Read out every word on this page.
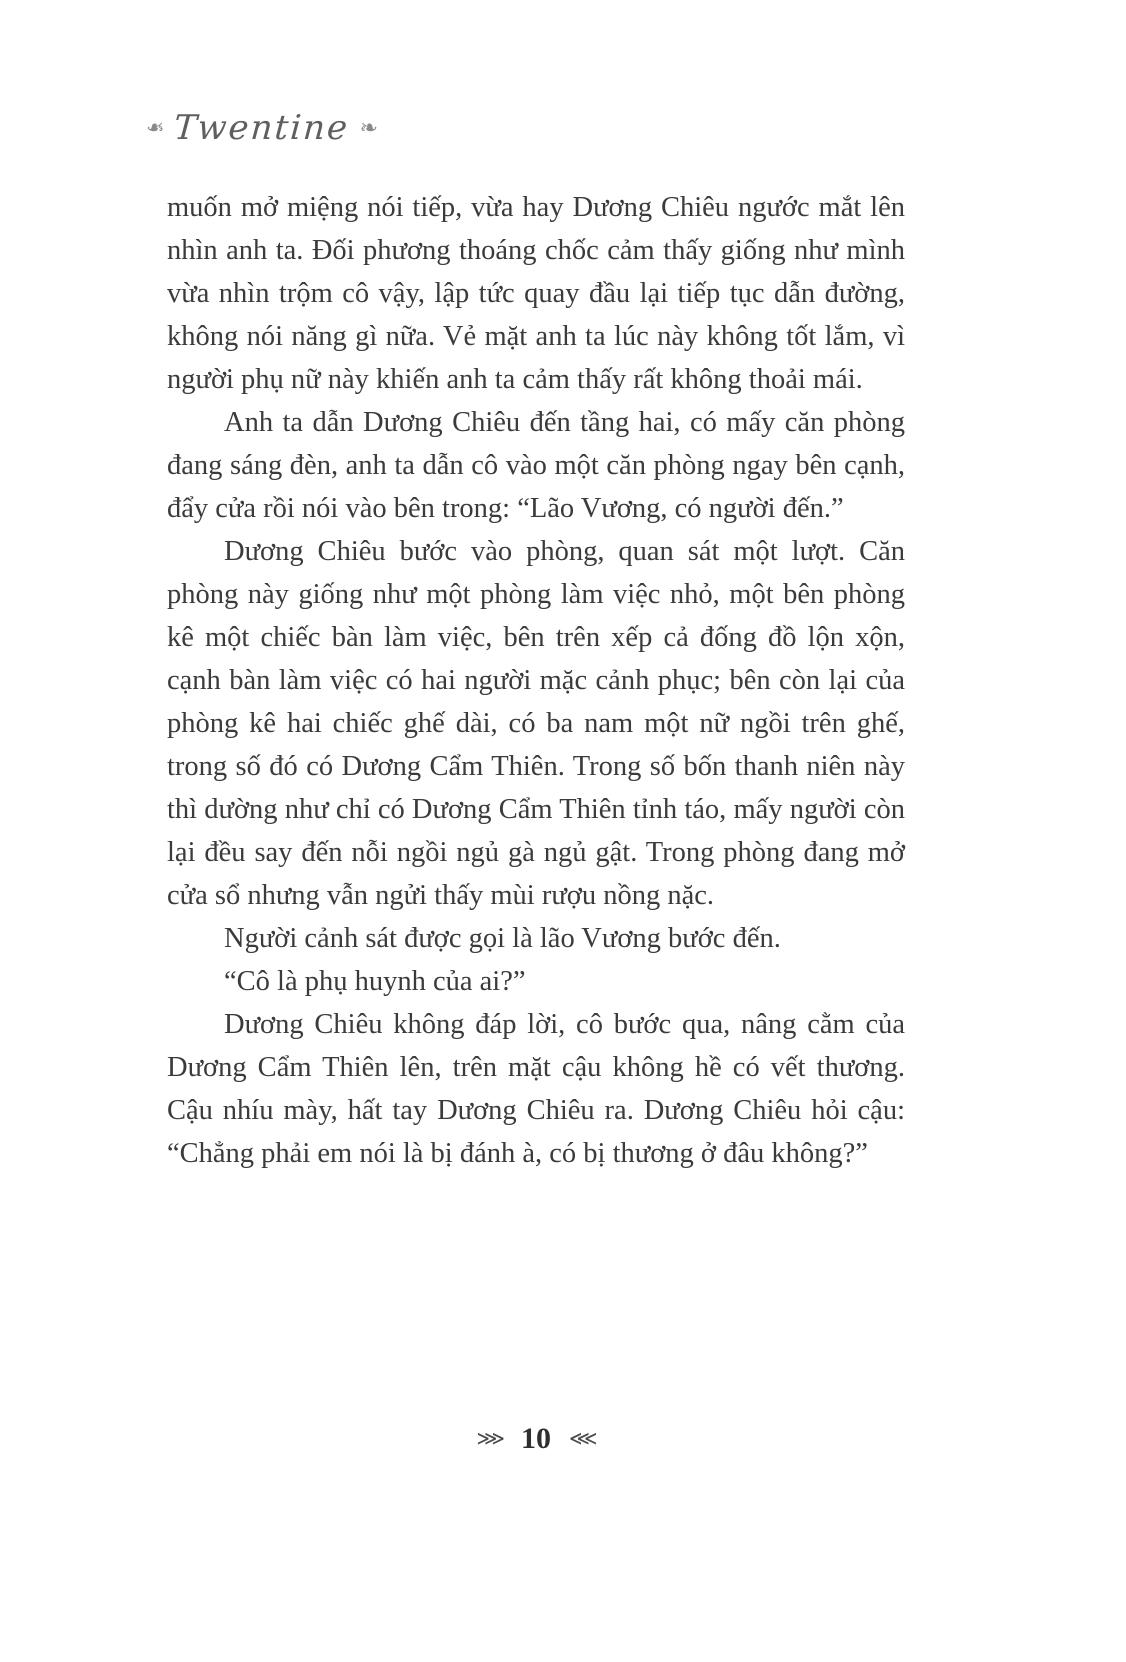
❧ Twentine ❧

muốn mở miệng nói tiếp, vừa hay Dương Chiêu ngước mắt lên nhìn anh ta. Đối phương thoáng chốc cảm thấy giống như mình vừa nhìn trộm cô vậy, lập tức quay đầu lại tiếp tục dẫn đường, không nói năng gì nữa. Vẻ mặt anh ta lúc này không tốt lắm, vì người phụ nữ này khiến anh ta cảm thấy rất không thoải mái.

Anh ta dẫn Dương Chiêu đến tầng hai, có mấy căn phòng đang sáng đèn, anh ta dẫn cô vào một căn phòng ngay bên cạnh, đẩy cửa rồi nói vào bên trong: “Lão Vương, có người đến.”

Dương Chiêu bước vào phòng, quan sát một lượt. Căn phòng này giống như một phòng làm việc nhỏ, một bên phòng kê một chiếc bàn làm việc, bên trên xếp cả đống đồ lộn xộn, cạnh bàn làm việc có hai người mặc cảnh phục; bên còn lại của phòng kê hai chiếc ghế dài, có ba nam một nữ ngồi trên ghế, trong số đó có Dương Cẩm Thiên. Trong số bốn thanh niên này thì dường như chỉ có Dương Cẩm Thiên tỉnh táo, mấy người còn lại đều say đến nỗi ngồi ngủ gà ngủ gật. Trong phòng đang mở cửa sổ nhưng vẫn ngửi thấy mùi rượu nồng nặc.

Người cảnh sát được gọi là lão Vương bước đến.

“Cô là phụ huynh của ai?”

Dương Chiêu không đáp lời, cô bước qua, nâng cằm của Dương Cẩm Thiên lên, trên mặt cậu không hề có vết thương. Cậu nhíu mày, hất tay Dương Chiêu ra. Dương Chiêu hỏi cậu: “Chẳng phải em nói là bị đánh à, có bị thương ở đâu không?”

⋙ 10 ⋘
